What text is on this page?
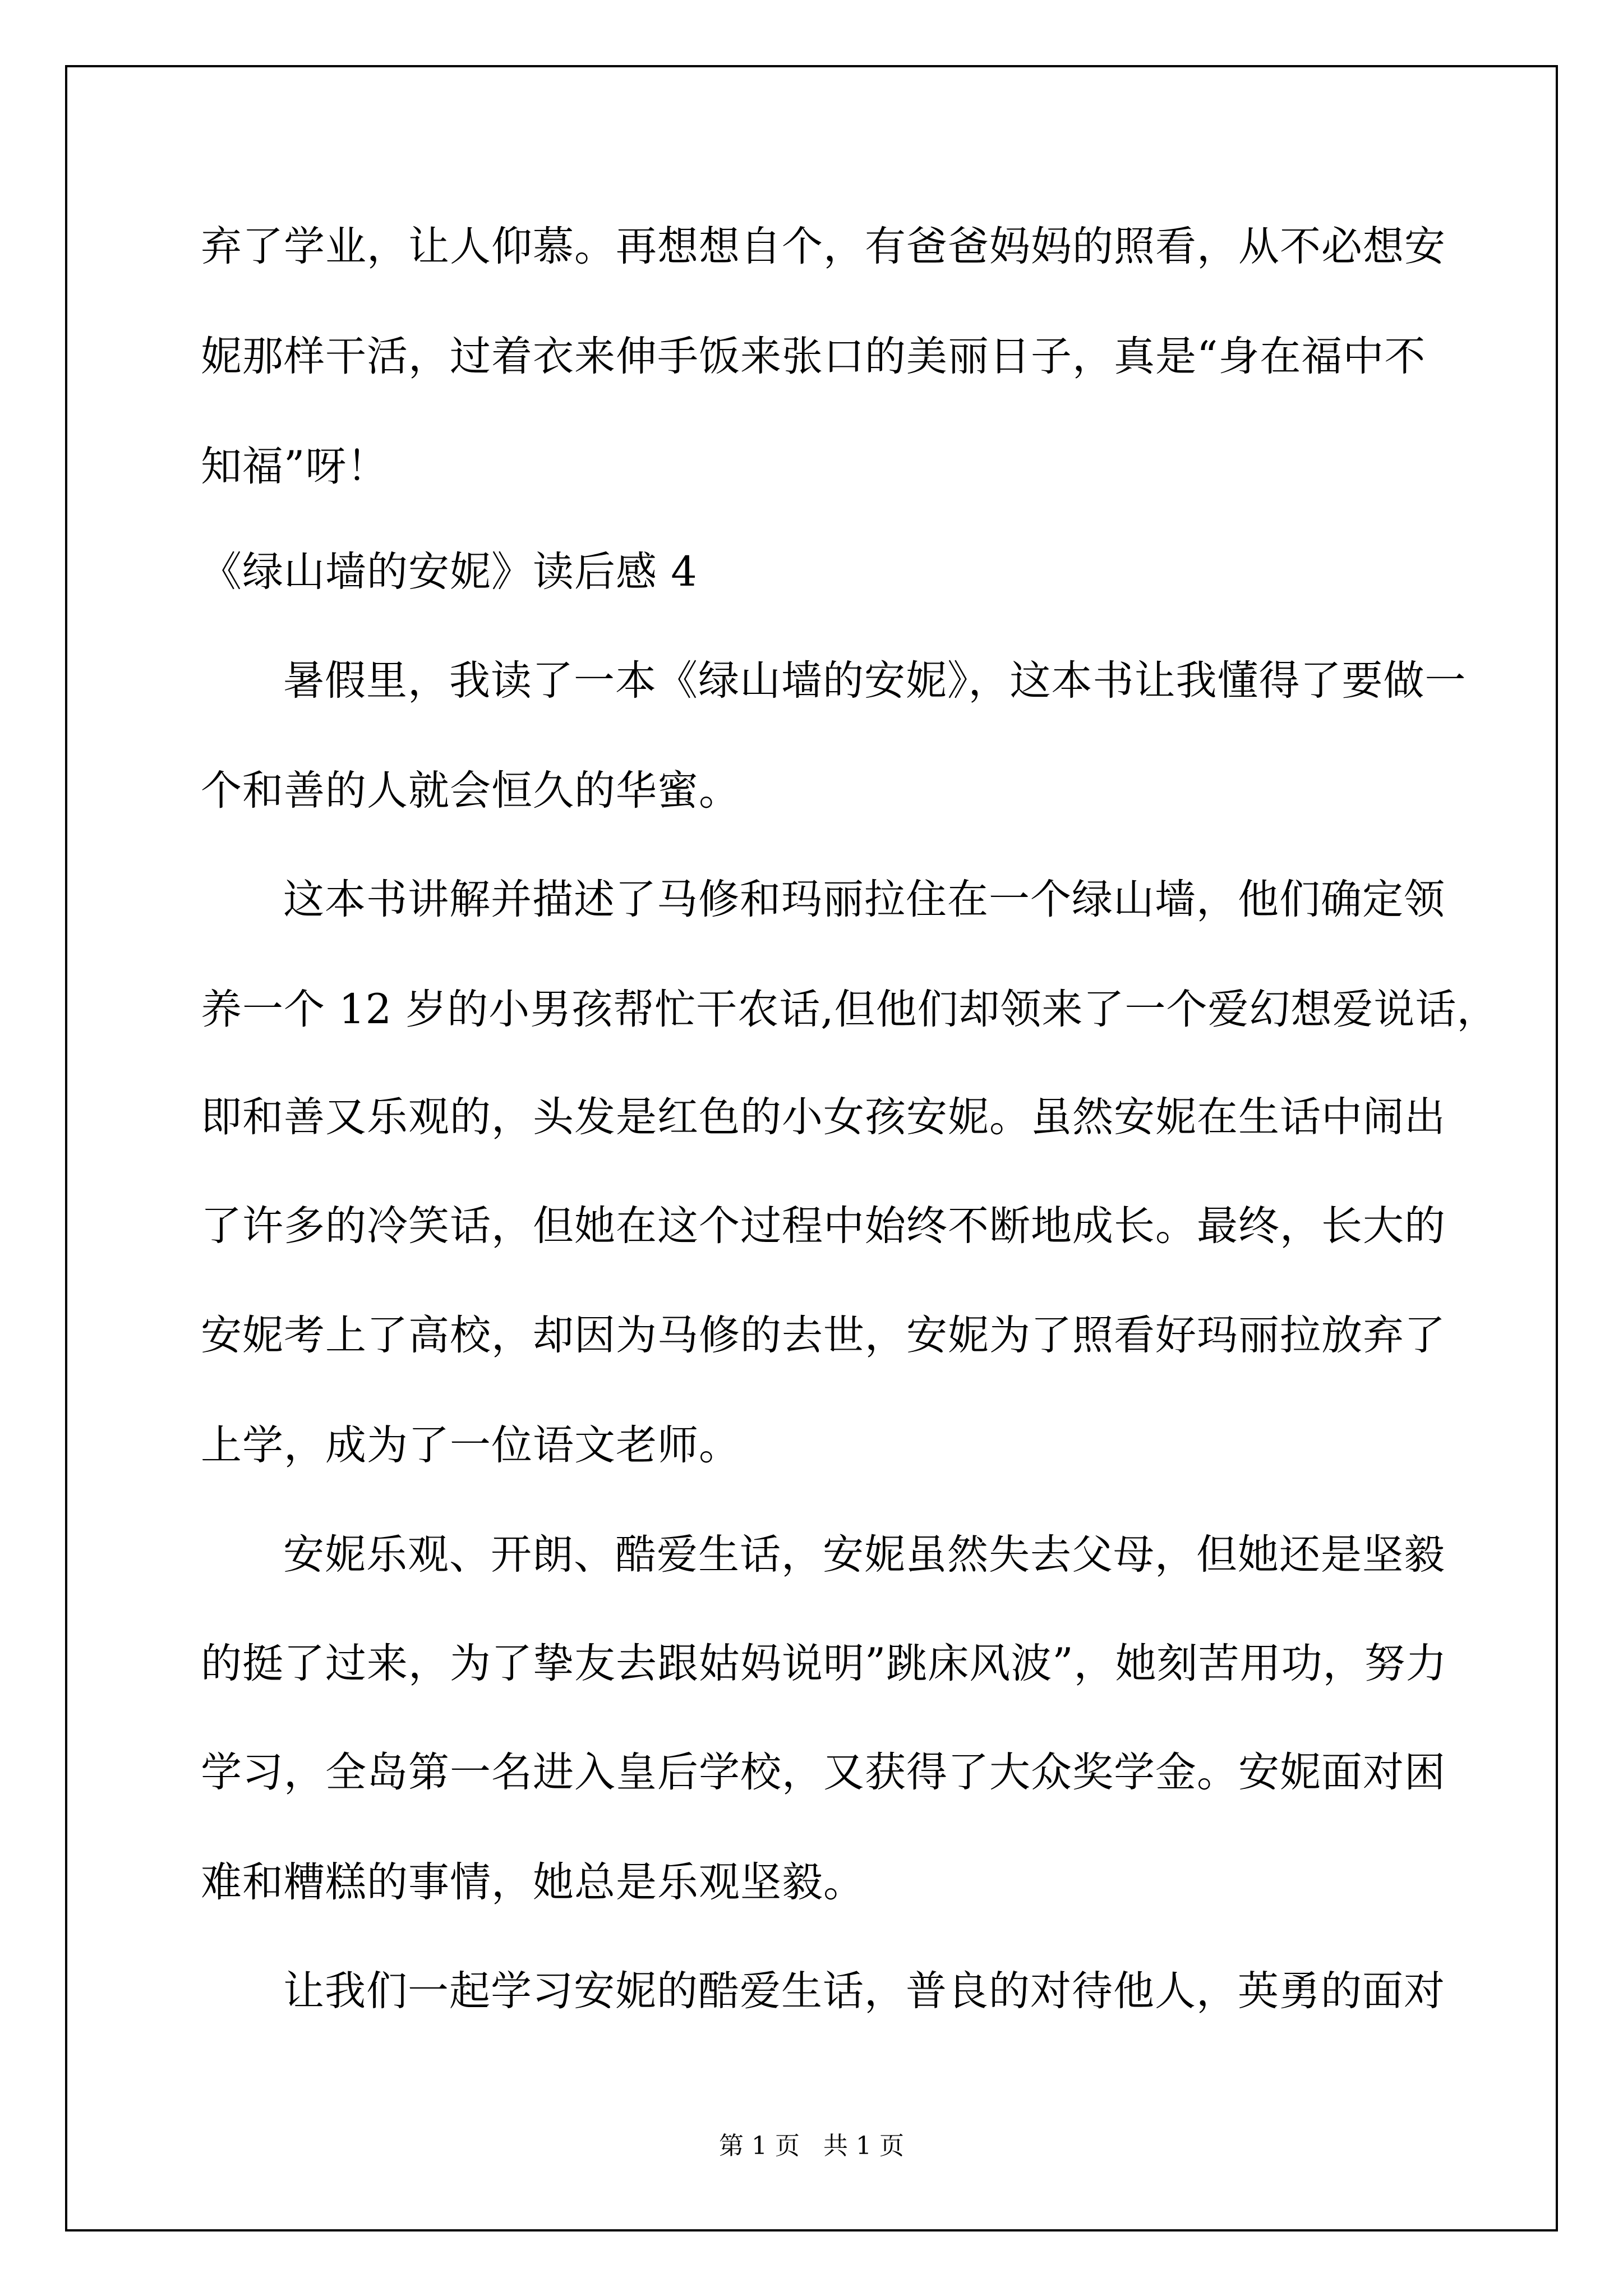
弃了学业，让人仰慕。再想想自个，有爸爸妈妈的照看，从不必想安
妮那样干活，过着衣来伸手饭来张口的美丽日子，真是“身在福中不
知福”呀！
《绿山墙的安妮》读后感 4
暑假里，我读了一本《绿山墙的安妮》，这本书让我懂得了要做一
个和善的人就会恒久的华蜜。
这本书讲解并描述了马修和玛丽拉住在一个绿山墙，他们确定领
养一个 12 岁的小男孩帮忙干农话,但他们却领来了一个爱幻想爱说话，
即和善又乐观的，头发是红色的小女孩安妮。虽然安妮在生话中闹出
了许多的冷笑话，但她在这个过程中始终不断地成长。最终，长大的
安妮考上了高校，却因为马修的去世，安妮为了照看好玛丽拉放弃了
上学，成为了一位语文老师。
安妮乐观、开朗、酷爱生话，安妮虽然失去父母，但她还是坚毅
的挺了过来，为了挚友去跟姑妈说明”跳床风波”，她刻苦用功，努力
学习，全岛第一名进入皇后学校，又获得了大众奖学金。安妮面对困
难和糟糕的事情，她总是乐观坚毅。
让我们一起学习安妮的酷爱生话，普良的对待他人，英勇的面对
第 1 页   共 1 页
